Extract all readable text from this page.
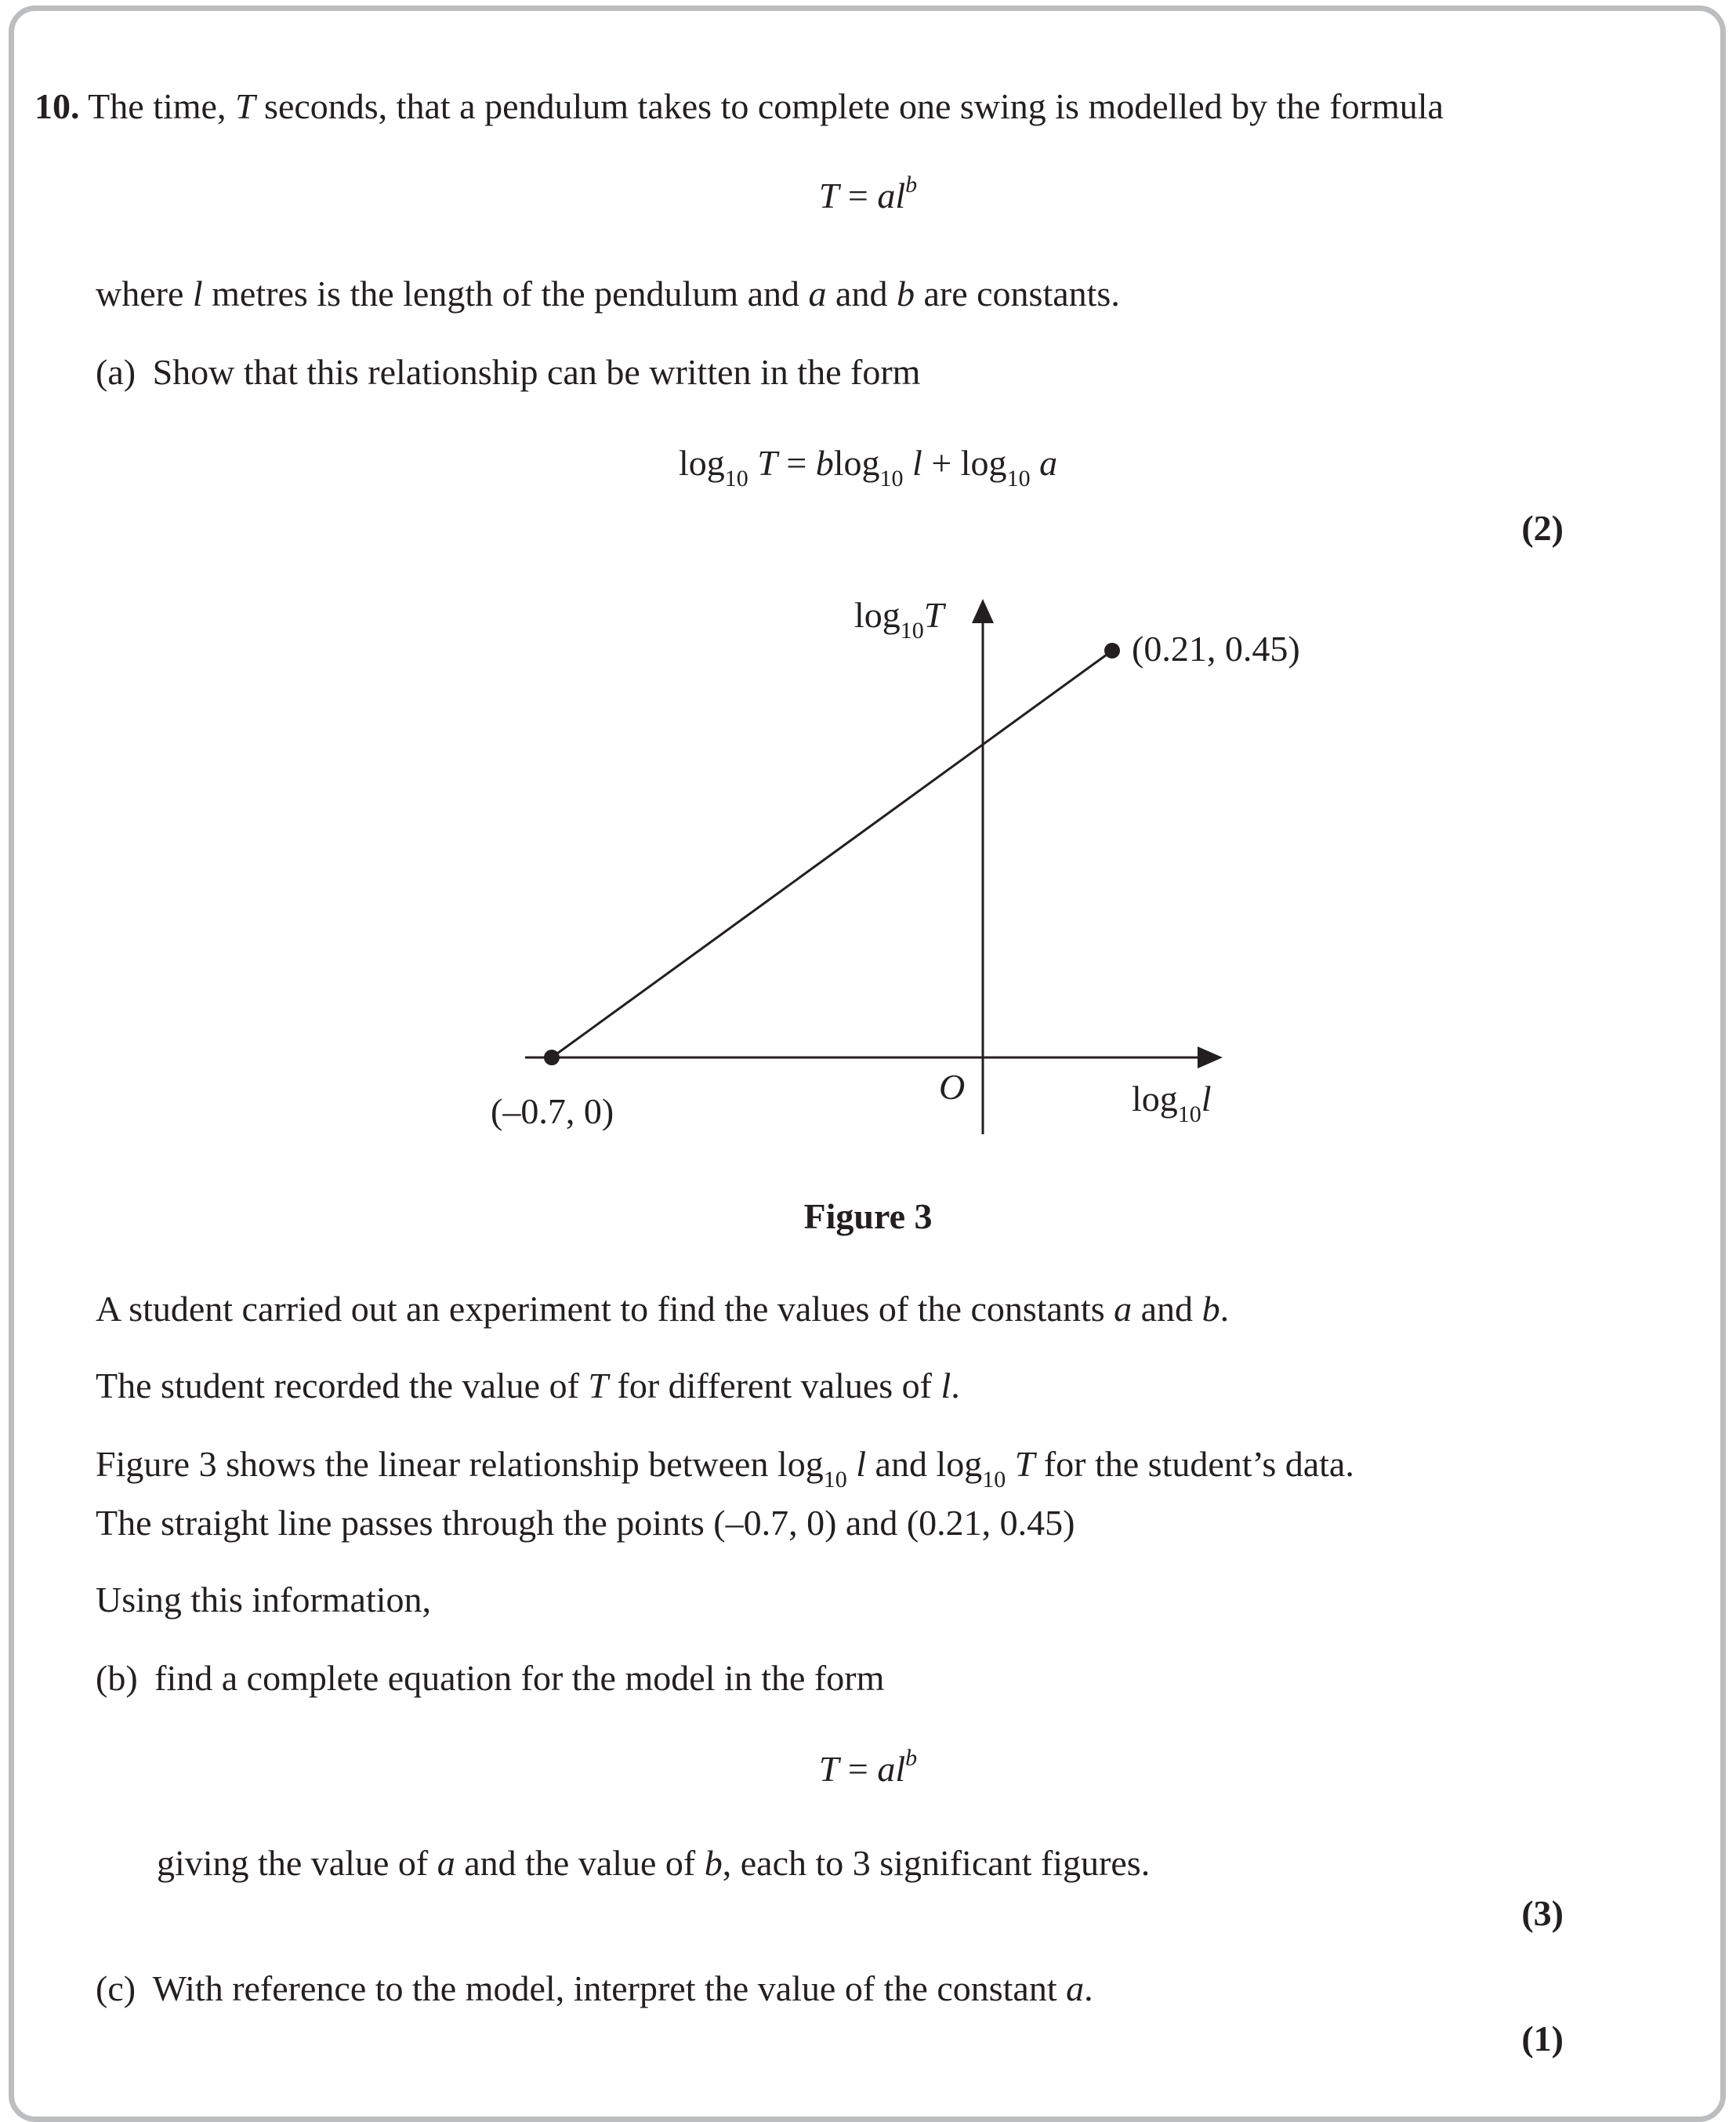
10. The time, T seconds, that a pendulum takes to complete one swing is modelled by the formula
$T = al^b$
where l metres is the length of the pendulum and a and b are constants.
(a) Show that this relationship can be written in the form
$\log_{10} T = blog_{10}$ $l + \log_{10} a$
(2)
$\log_{10}T$
(0.21, 0.45)
(–0.7, 0)
O	$\log_{10}l$
Figure 3
A student carried out an experiment to find the values of the constants a and b.
The student recorded the value of T for different values of l.
Figure 3 shows the linear relationship between $\log_{10} l$ and $\log_{10} T$ for the student’s data.
The straight line passes through the points (–0.7, 0) and (0.21, 0.45)
Using this information,
(b) find a complete equation for the model in the form
$T = al^b$
giving the value of a and the value of b, each to 3 significant figures.
(3)
(c) With reference to the model, interpret the value of the constant a.
(1)
